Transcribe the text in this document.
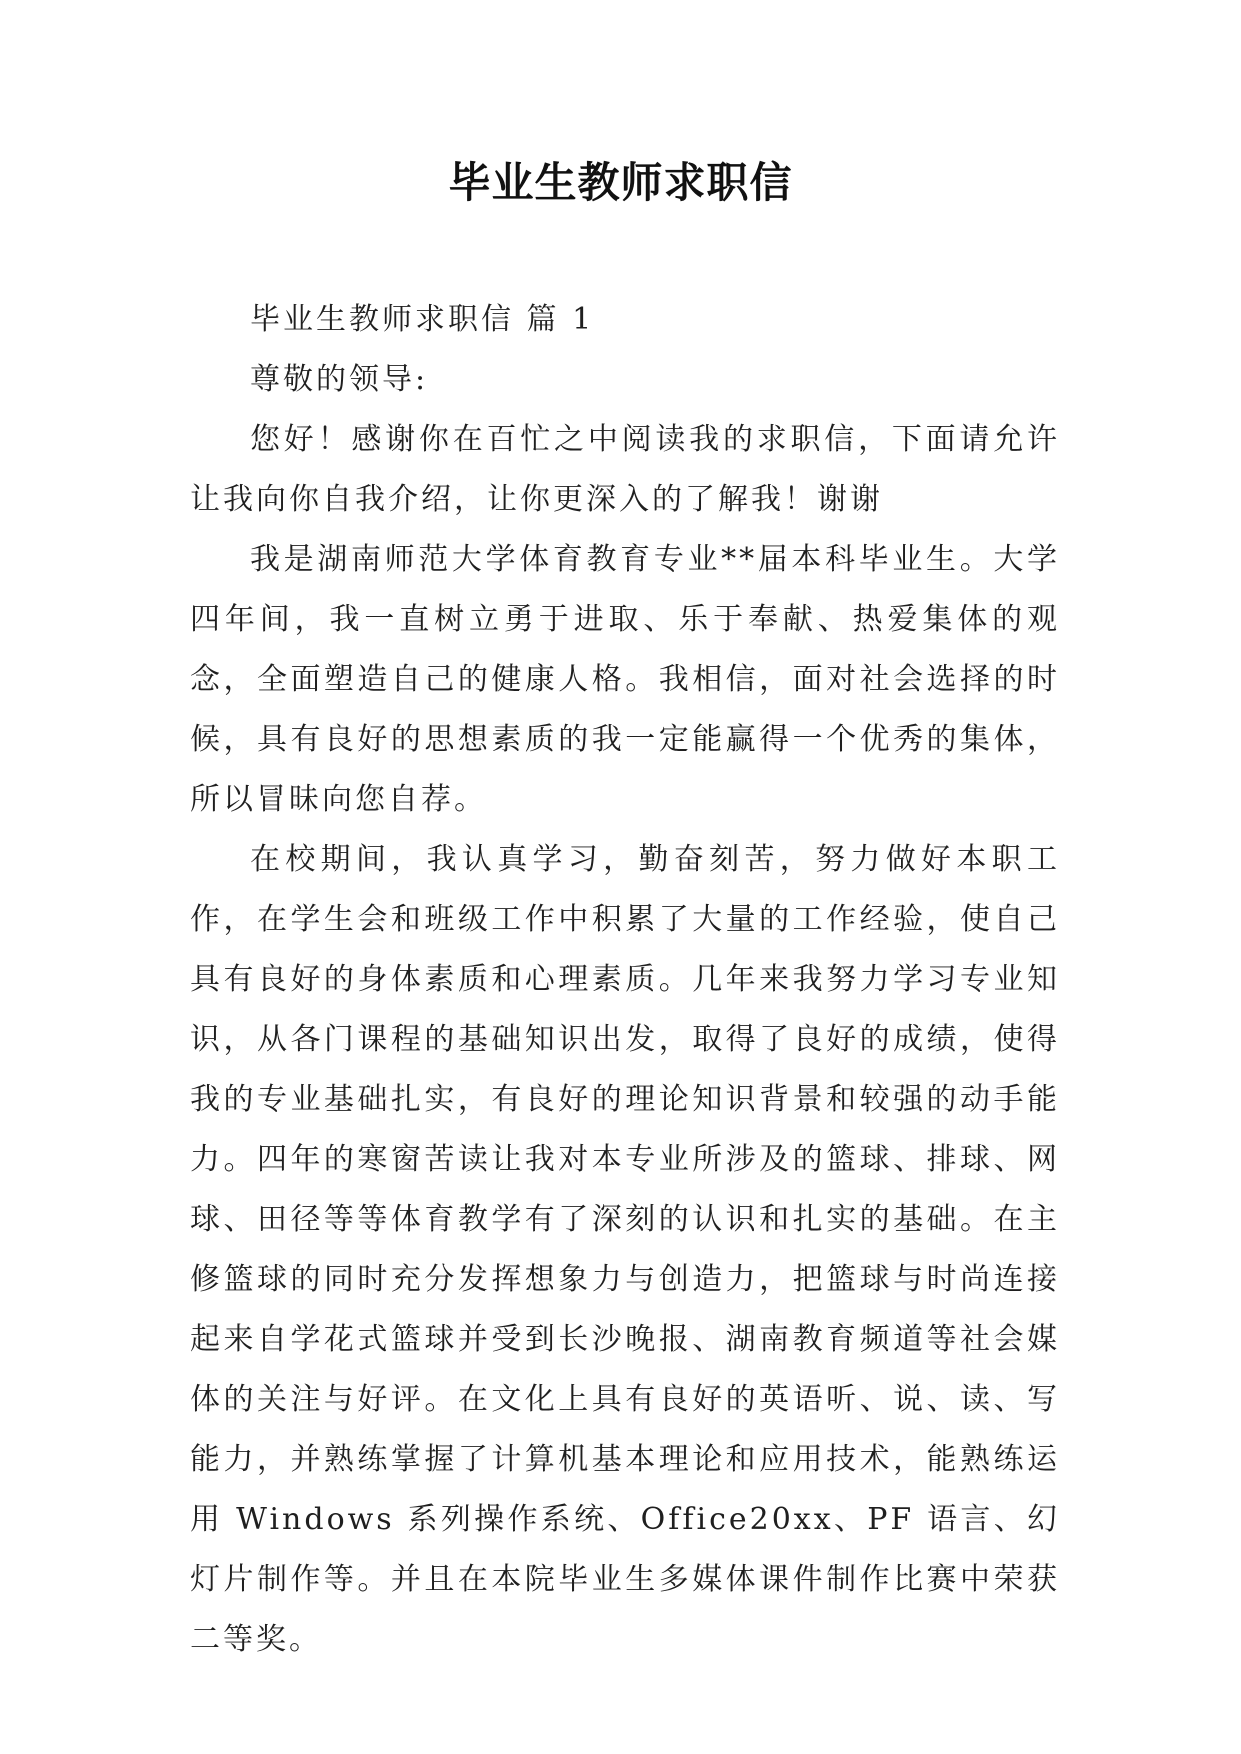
毕业生教师求职信

毕业生教师求职信 篇 1

尊敬的领导:

您好！感谢你在百忙之中阅读我的求职信，下面请允许让我向你自我介绍，让你更深入的了解我！谢谢

我是湖南师范大学体育教育专业**届本科毕业生。大学四年间，我一直树立勇于进取、乐于奉献、热爱集体的观念，全面塑造自己的健康人格。我相信，面对社会选择的时候，具有良好的思想素质的我一定能赢得一个优秀的集体，所以冒昧向您自荐。

在校期间，我认真学习，勤奋刻苦，努力做好本职工作，在学生会和班级工作中积累了大量的工作经验，使自己具有良好的身体素质和心理素质。几年来我努力学习专业知识，从各门课程的基础知识出发，取得了良好的成绩，使得我的专业基础扎实，有良好的理论知识背景和较强的动手能力。四年的寒窗苦读让我对本专业所涉及的篮球、排球、网球、田径等等体育教学有了深刻的认识和扎实的基础。在主修篮球的同时充分发挥想象力与创造力，把篮球与时尚连接起来自学花式篮球并受到长沙晚报、湖南教育频道等社会媒体的关注与好评。在文化上具有良好的英语听、说、读、写能力，并熟练掌握了计算机基本理论和应用技术，能熟练运用 Windows 系列操作系统、Office20xx、PF 语言、幻灯片制作等。并且在本院毕业生多媒体课件制作比赛中荣获二等奖。
